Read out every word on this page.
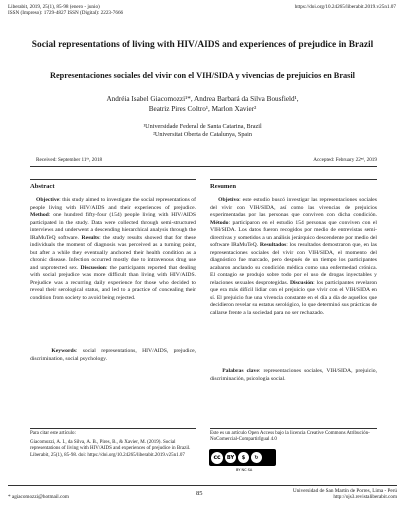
Liberabit, 2019, 25(1), 85-98 (enero - junio)
ISSN (Impreso): 1729-4827 ISSN (Digital): 2223-7666
https://doi.org/10.24265/liberabit.2019.v25n1.07
Social representations of living with HIV/AIDS and experiences of prejudice in Brazil
Representaciones sociales del vivir con el VIH/SIDA y vivencias de prejuicios en Brasil
Andréia Isabel Giacomozzi¹*, Andrea Barbará da Silva Bousfield¹,
Beatriz Pires Coltro¹, Marlon Xavier²
¹Universidade Federal de Santa Catarina, Brazil
²Universitat Oberta de Catalunya, Spain
Received: September 11ᵗʰ, 2018	Accepted: February 22ⁿᵈ, 2019
Abstract
Objective: this study aimed to investigate the social representations of people living with HIV/AIDS and their experiences of prejudice. Method: one hundred fifty-four (154) people living with HIV/AIDS participated in the study. Data were collected through semi-structured interviews and underwent a descending hierarchical analysis through the IRaMuTeQ software. Results: the study results showed that for these individuals the moment of diagnosis was perceived as a turning point, but after a while they eventually anchored their health condition as a chronic disease. Infection occurred mostly due to intravenous drug use and unprotected sex. Discussion: the participants reported that dealing with social prejudice was more difficult than living with HIV/AIDS. Prejudice was a recurring daily experience for those who decided to reveal their serological status, and led to a practice of concealing their condition from society to avoid being rejected.
Keywords: social representations, HIV/AIDS, prejudice, discrimination, social psychology.
Resumen
Objetivo: este estudio buscó investigar las representaciones sociales del vivir con VIH/SIDA, así como las vivencias de prejuicios experimentadas por las personas que conviven con dicha condición. Método: participaron en el estudio 154 personas que conviven con el VIH/SIDA. Los datos fueron recogidos por medio de entrevistas semi-directivas y sometidos a un análisis jerárquico descendente por medio del software IRaMuTeQ. Resultados: los resultados demostraron que, en las representaciones sociales del vivir con VIH/SIDA, el momento del diagnóstico fue marcado, pero después de un tiempo los participantes acabaron anclando su condición médica como una enfermedad crónica. El contagio se produjo sobre todo por el uso de drogas inyectables y relaciones sexuales desprotegidas. Discusión: los participantes revelaron que era más difícil lidiar con el prejuicio que vivir con el VIH/SIDA en sí. El prejuicio fue una vivencia constante en el día a día de aquellos que decidieron revelar su estatus serológico, lo que determinó sus prácticas de callarse frente a la sociedad para no ser rechazado.
Palabras clave: representaciones sociales, VIH/SIDA, prejuicio, discriminación, psicología social.
Para citar este artículo:
Giacomozzi, A. I., da Silva, A. B., Pires, B., & Xavier, M. (2019). Social representations of living with HIV/AIDS and experiences of prejudice in Brazil. Liberabit, 25(1), 85-98. doi: https://doi.org/10.24265/liberabit.2019.v25n1.07
Este es un artículo Open Access bajo la licencia Creative Commons Atribución-NoComercial-CompartirIgual 4.0
cc	BY	$	↻
BY NC SA
* agiacomozzi@hotmail.com	85	Universidad de San Martín de Porres, Lima - Perú
http://ojs3.revistaliberabit.com
